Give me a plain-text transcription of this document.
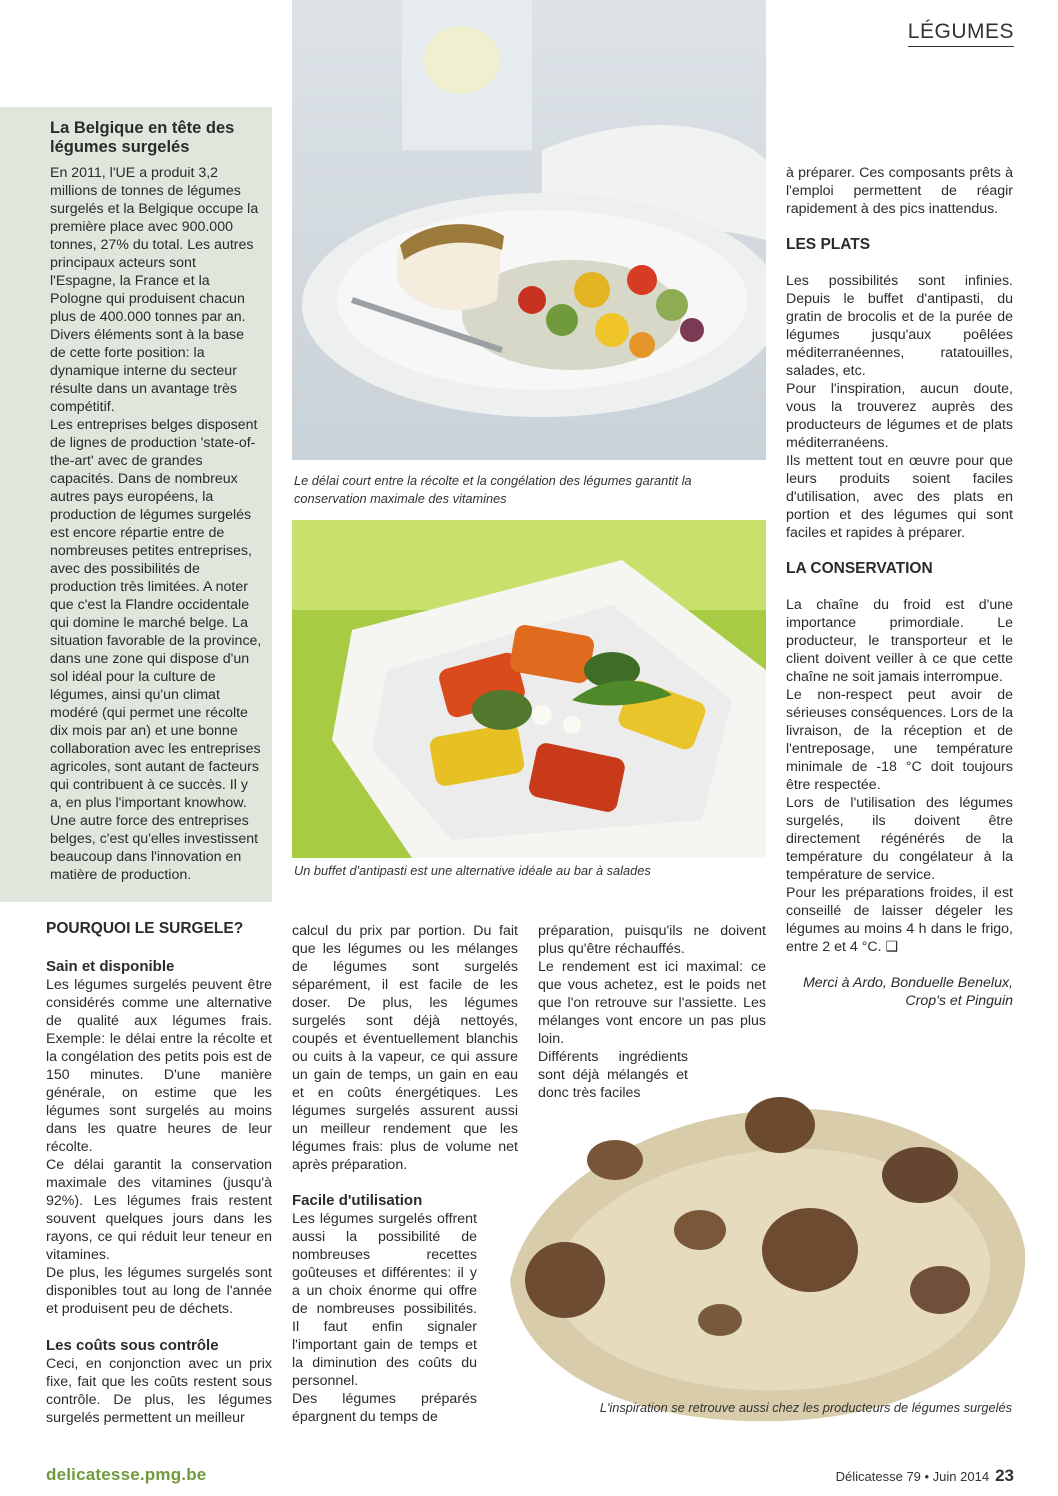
LÉGUMES
La Belgique en tête des légumes surgelés

En 2011, l'UE a produit 3,2 millions de tonnes de légumes surgelés et la Belgique occupe la première place avec 900.000 tonnes, 27% du total. Les autres principaux acteurs sont l'Espagne, la France et la Pologne qui produisent chacun plus de 400.000 tonnes par an. Divers éléments sont à la base de cette forte position: la dynamique interne du secteur résulte dans un avantage très compétitif.

Les entreprises belges disposent de lignes de production 'state-of-the-art' avec de grandes capacités. Dans de nombreux autres pays européens, la production de légumes surgelés est encore répartie entre de nombreuses petites entreprises, avec des possibilités de production très limitées. A noter que c'est la Flandre occidentale qui domine le marché belge. La situation favorable de la province, dans une zone qui dispose d'un sol idéal pour la culture de légumes, ainsi qu'un climat modéré (qui permet une récolte dix mois par an) et une bonne collaboration avec les entreprises agricoles, sont autant de facteurs qui contribuent à ce succès. Il y a, en plus l'important knowhow. Une autre force des entreprises belges, c'est qu'elles investissent beaucoup dans l'innovation en matière de production.

Le délai court entre la récolte et la congélation des légumes garantit la conservation maximale des vitamines
Un buffet d'antipasti est une alternative idéale au bar à salades

POURQUOI LE SURGELE?

Sain et disponible

Les légumes surgelés peuvent être considérés comme une alternative de qualité aux légumes frais. Exemple: le délai entre la récolte et la congélation des petits pois est de 150 minutes. D'une manière générale, on estime que les légumes sont surgelés au moins dans les quatre heures de leur récolte.

Ce délai garantit la conservation maximale des vitamines (jusqu'à 92%). Les légumes frais restent souvent quelques jours dans les rayons, ce qui réduit leur teneur en vitamines.

De plus, les légumes surgelés sont disponibles tout au long de l'année et produisent peu de déchets.

Les coûts sous contrôle

Ceci, en conjonction avec un prix fixe, fait que les coûts restent sous contrôle. De plus, les légumes surgelés permettent un meilleur

calcul du prix par portion. Du fait que les légumes ou les mélanges de légumes sont surgelés séparément, il est facile de les doser. De plus, les légumes surgelés sont déjà nettoyés, coupés et éventuellement blanchis ou cuits à la vapeur, ce qui assure un gain de temps, un gain en eau et en coûts énergétiques. Les légumes surgelés assurent aussi un meilleur rendement que les légumes frais: plus de volume net après préparation.

Facile d'utilisation

Les légumes surgelés offrent aussi la possibilité de nombreuses recettes goûteuses et différentes: il y a un choix énorme qui offre de nombreuses possibilités. Il faut enfin signaler l'important gain de temps et la diminution des coûts du personnel.

Des légumes préparés épargnent du temps de

préparation, puisqu'ils ne doivent plus qu'être réchauffés.

Le rendement est ici maximal: ce que vous achetez, est le poids net que l'on retrouve sur l'assiette. Les mélanges vont encore un pas plus loin.

Différents ingrédients sont déjà mélangés et donc très faciles

à préparer. Ces composants prêts à l'emploi permettent de réagir rapidement à des pics inattendus.

LES PLATS

Les possibilités sont infinies. Depuis le buffet d'antipasti, du gratin de brocolis et de la purée de légumes jusqu'aux poêlées méditerranéennes, ratatouilles, salades, etc.

Pour l'inspiration, aucun doute, vous la trouverez auprès des producteurs de légumes et de plats méditerranéens.

Ils mettent tout en œuvre pour que leurs produits soient faciles d'utilisation, avec des plats en portion et des légumes qui sont faciles et rapides à préparer.

LA CONSERVATION

La chaîne du froid est d'une importance primordiale. Le producteur, le transporteur et le client doivent veiller à ce que cette chaîne ne soit jamais interrompue.

Le non-respect peut avoir de sérieuses conséquences. Lors de la livraison, de la réception et de l'entreposage, une température minimale de -18 °C doit toujours être respectée.

Lors de l'utilisation des légumes surgelés, ils doivent être directement régénérés de la température du congélateur à la température de service.

Pour les préparations froides, il est conseillé de laisser dégeler les légumes au moins 4 h dans le frigo, entre 2 et 4 °C. ❑

Merci à Ardo, Bonduelle Benelux, Crop's et Pinguin

L'inspiration se retrouve aussi chez les producteurs de légumes surgelés
delicatesse.pmg.be	Délicatesse 79 • Juin 2014 23
